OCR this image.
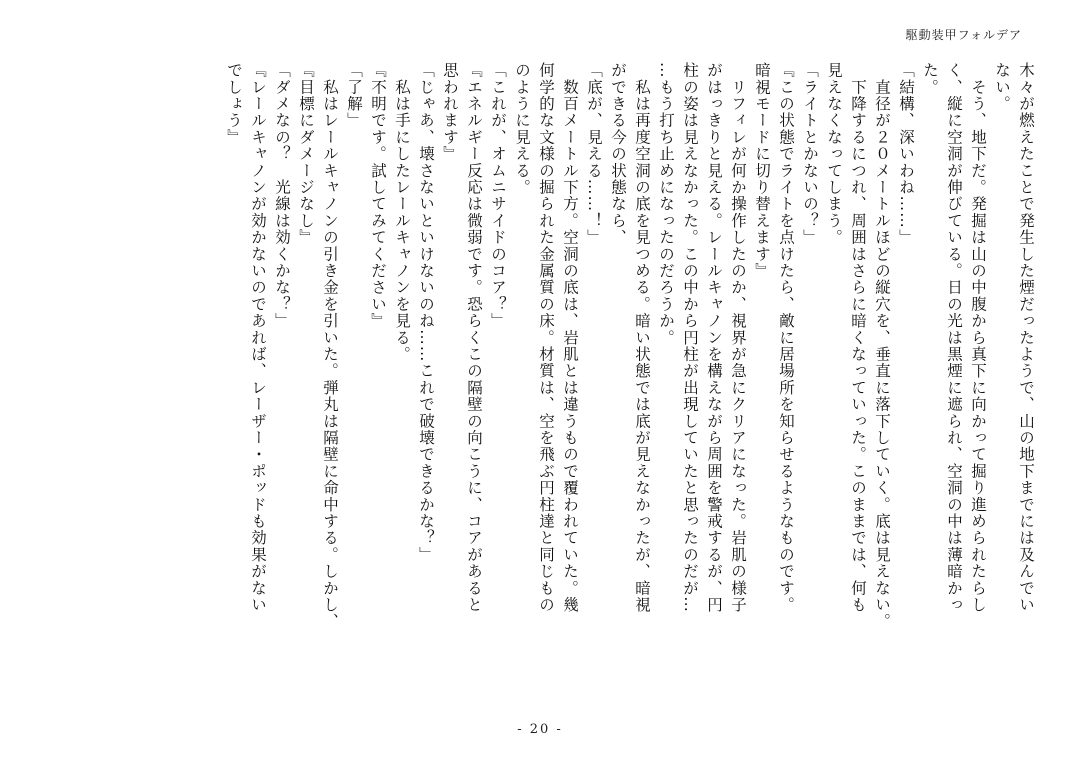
駆動装甲フォルデア
木々が燃えたことで発生した煙だったようで、山の地下までには及んでい
ない。
　そう、地下だ。発掘は山の中腹から真下に向かって掘り進められたらし
く、縦に空洞が伸びている。日の光は黒煙に遮られ、空洞の中は薄暗かっ
た。
「結構、深いわね……」
　直径が２０メートルほどの縦穴を、垂直に落下していく。底は見えない。
　下降するにつれ、周囲はさらに暗くなっていった。このままでは、何も
見えなくなってしまう。
「ライトとかないの？」
『この状態でライトを点けたら、敵に居場所を知らせるようなものです。
暗視モードに切り替えます』
　リフィレが何か操作したのか、視界が急にクリアになった。岩肌の様子
がはっきりと見える。レールキャノンを構えながら周囲を警戒するが、円
柱の姿は見えなかった。この中から円柱が出現していたと思ったのだが…
…もう打ち止めになったのだろうか。
　私は再度空洞の底を見つめる。暗い状態では底が見えなかったが、暗視
ができる今の状態なら、
「底が、見える……！」
　数百メートル下方。空洞の底は、岩肌とは違うもので覆われていた。幾
何学的な文様の掘られた金属質の床。材質は、空を飛ぶ円柱達と同じもの
のように見える。
「これが、オムニサイドのコア？」
『エネルギー反応は微弱です。恐らくこの隔壁の向こうに、コアがあると
思われます』
「じゃあ、壊さないといけないのね……これで破壊できるかな？」
　私は手にしたレールキャノンを見る。
『不明です。試してみてください』
「了解」
　私はレールキャノンの引き金を引いた。弾丸は隔壁に命中する。しかし、
『目標にダメージなし』
「ダメなの？　光線は効くかな？」
『レールキャノンが効かないのであれば、レーザー・ポッドも効果がない
でしょう』
- 20 -
